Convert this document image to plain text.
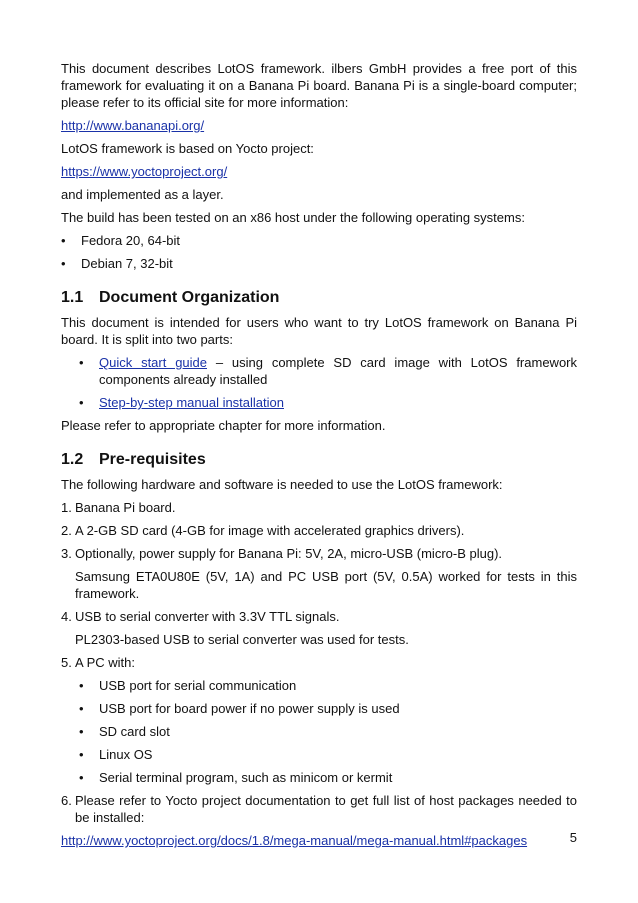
This document describes LotOS framework. ilbers GmbH provides a free port of this framework for evaluating it on a Banana Pi board. Banana Pi is a single-board computer; please refer to its official site for more information:

http://www.bananapi.org/

LotOS framework is based on Yocto project:

https://www.yoctoproject.org/

and implemented as a layer.

The build has been tested on an x86 host under the following operating systems:

• Fedora 20, 64-bit
• Debian 7, 32-bit
1.1 Document Organization

This document is intended for users who want to try LotOS framework on Banana Pi board. It is split into two parts:

• Quick start guide – using complete SD card image with LotOS framework components already installed
• Step-by-step manual installation

Please refer to appropriate chapter for more information.

1.2 Pre-requisites

The following hardware and software is needed to use the LotOS framework:

1. Banana Pi board.
2. A 2-GB SD card (4-GB for image with accelerated graphics drivers).
3. Optionally, power supply for Banana Pi: 5V, 2A, micro-USB (micro-B plug).
Samsung ETA0U80E (5V, 1A) and PC USB port (5V, 0.5A) worked for tests in this framework.
4. USB to serial converter with 3.3V TTL signals.
PL2303-based USB to serial converter was used for tests.
5. A PC with:
• USB port for serial communication
• USB port for board power if no power supply is used
• SD card slot
• Linux OS
• Serial terminal program, such as minicom or kermit
6. Please refer to Yocto project documentation to get full list of host packages needed to be installed:

http://www.yoctoproject.org/docs/1.8/mega-manual/mega-manual.html#packages	5
